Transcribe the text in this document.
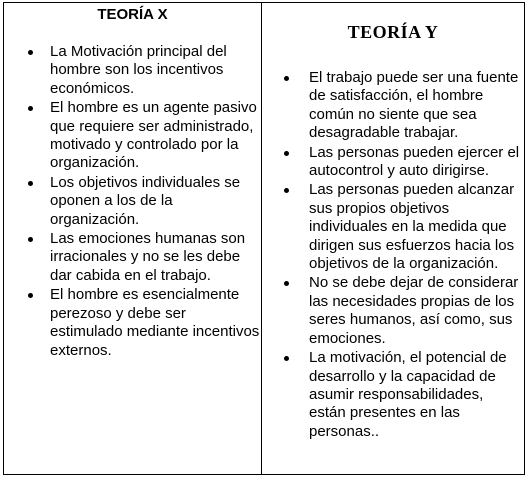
TEORÍA X
La Motivación principal del hombre son los incentivos económicos.
El hombre es un agente pasivo que requiere ser administrado, motivado y controlado por la organización.
Los objetivos individuales se oponen a los de la organización.
Las emociones humanas son irracionales y no se les debe dar cabida en el trabajo.
El hombre es esencialmente perezoso y debe ser estimulado mediante incentivos externos.
TEORÍA Y
El trabajo puede ser una fuente de satisfacción, el hombre común no siente que sea desagradable trabajar.
Las personas pueden ejercer el autocontrol y auto dirigirse.
Las personas pueden alcanzar sus propios objetivos individuales en la medida que dirigen sus esfuerzos hacia los objetivos de la organización.
No se debe dejar de considerar las necesidades propias de los seres humanos, así como, sus emociones.
La motivación, el potencial de desarrollo y la capacidad de asumir responsabilidades, están presentes en las personas..
